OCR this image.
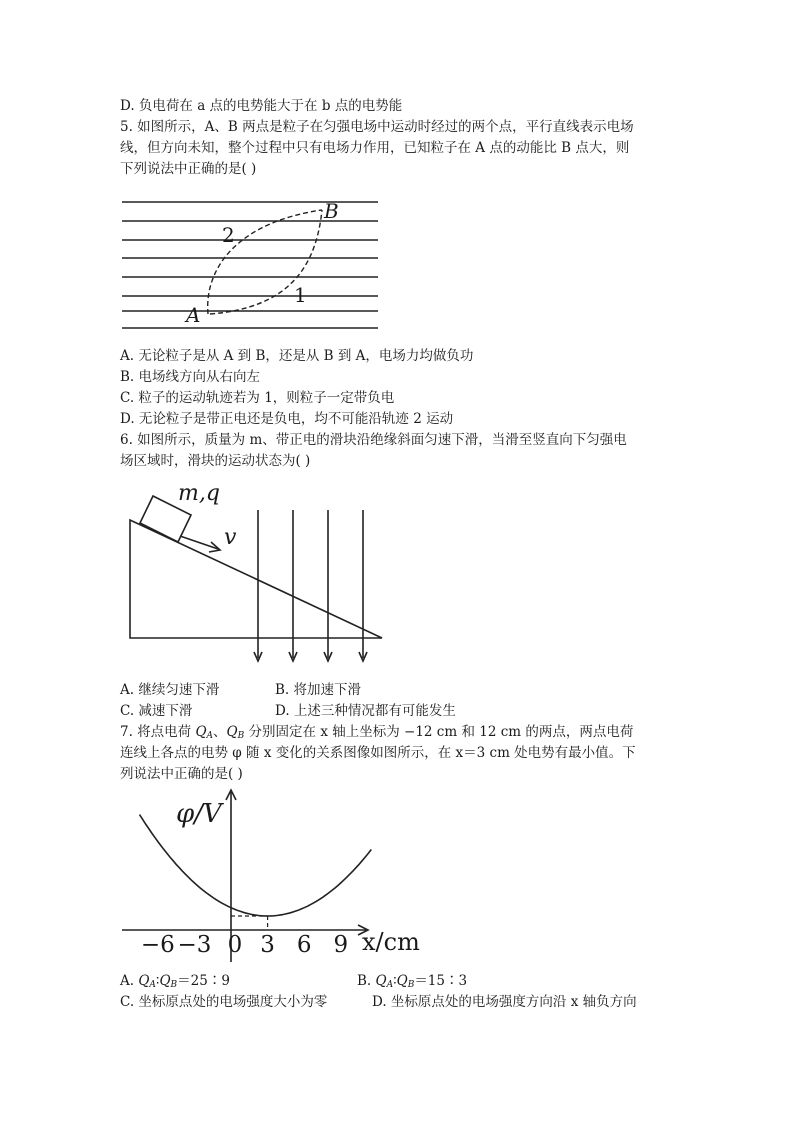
D. 负电荷在 a 点的电势能大于在 b 点的电势能
5. 如图所示，A、B 两点是粒子在匀强电场中运动时经过的两个点，平行直线表示电场
线，但方向未知，整个过程中只有电场力作用，已知粒子在 A 点的动能比 B 点大，则
下列说法中正确的是( )
A
B
2
1
A. 无论粒子是从 A 到 B，还是从 B 到 A，电场力均做负功
B. 电场线方向从右向左
C. 粒子的运动轨迹若为 1，则粒子一定带负电
D. 无论粒子是带正电还是负电，均不可能沿轨迹 2 运动
6. 如图所示，质量为 m、带正电的滑块沿绝缘斜面匀速下滑，当滑至竖直向下匀强电
场区域时，滑块的运动状态为( )
m,q
v
A. 继续匀速下滑	B. 将加速下滑
C. 减速下滑	D. 上述三种情况都有可能发生
7. 将点电荷 $Q_A$、$Q_B$ 分别固定在 x 轴上坐标为 −12 cm 和 12 cm 的两点，两点电荷
连线上各点的电势 φ 随 x 变化的关系图像如图所示，在 x＝3 cm 处电势有最小值。下
列说法中正确的是( )
φ/V
x/cm
−6 −3 0 3 6 9
A. $Q_A∶Q_B=25∶9$	B. $Q_A∶Q_B=15∶3$
C. 坐标原点处的电场强度大小为零	D. 坐标原点处的电场强度方向沿 x 轴负方向
